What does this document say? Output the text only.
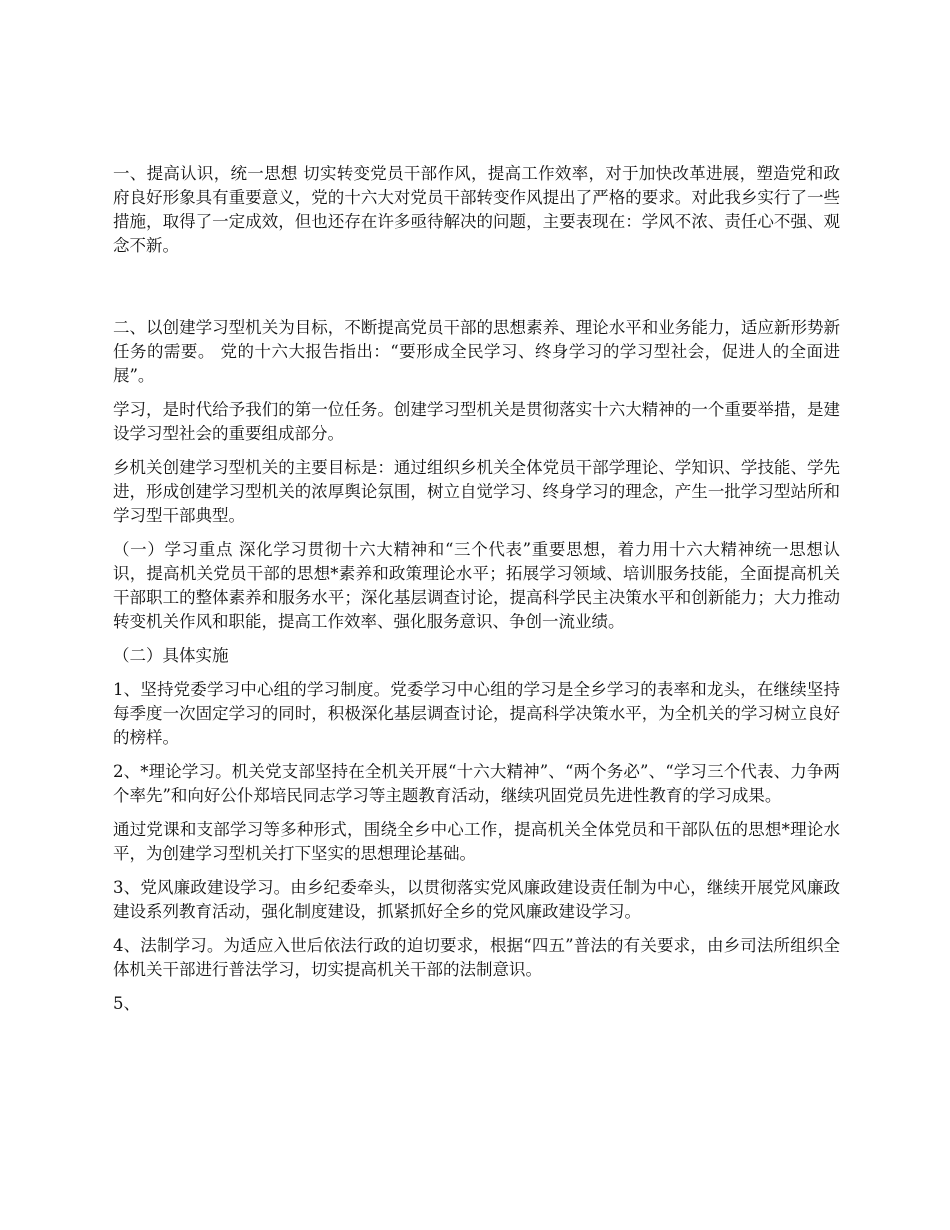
一、提高认识，统一思想 切实转变党员干部作风，提高工作效率，对于加快改革进展，塑造党和政府良好形象具有重要意义，党的十六大对党员干部转变作风提出了严格的要求。对此我乡实行了一些措施，取得了一定成效，但也还存在许多亟待解决的问题，主要表现在：学风不浓、责任心不强、观念不新。

二、以创建学习型机关为目标，不断提高党员干部的思想素养、理论水平和业务能力，适应新形势新任务的需要。 党的十六大报告指出：“要形成全民学习、终身学习的学习型社会，促进人的全面进展”。

学习，是时代给予我们的第一位任务。创建学习型机关是贯彻落实十六大精神的一个重要举措，是建设学习型社会的重要组成部分。

乡机关创建学习型机关的主要目标是：通过组织乡机关全体党员干部学理论、学知识、学技能、学先进，形成创建学习型机关的浓厚舆论氛围，树立自觉学习、终身学习的理念，产生一批学习型站所和学习型干部典型。

（一）学习重点 深化学习贯彻十六大精神和“三个代表”重要思想，着力用十六大精神统一思想认识，提高机关党员干部的思想*素养和政策理论水平；拓展学习领域、培训服务技能，全面提高机关干部职工的整体素养和服务水平；深化基层调查讨论，提高科学民主决策水平和创新能力；大力推动转变机关作风和职能，提高工作效率、强化服务意识、争创一流业绩。

（二）具体实施

1、坚持党委学习中心组的学习制度。党委学习中心组的学习是全乡学习的表率和龙头，在继续坚持每季度一次固定学习的同时，积极深化基层调查讨论，提高科学决策水平，为全机关的学习树立良好的榜样。

2、*理论学习。机关党支部坚持在全机关开展“十六大精神”、“两个务必”、“学习三个代表、力争两个率先”和向好公仆郑培民同志学习等主题教育活动，继续巩固党员先进性教育的学习成果。

通过党课和支部学习等多种形式，围绕全乡中心工作，提高机关全体党员和干部队伍的思想*理论水平，为创建学习型机关打下坚实的思想理论基础。

3、党风廉政建设学习。由乡纪委牵头，以贯彻落实党风廉政建设责任制为中心，继续开展党风廉政建设系列教育活动，强化制度建设，抓紧抓好全乡的党风廉政建设学习。

4、法制学习。为适应入世后依法行政的迫切要求，根据“四五”普法的有关要求，由乡司法所组织全体机关干部进行普法学习，切实提高机关干部的法制意识。

5、
